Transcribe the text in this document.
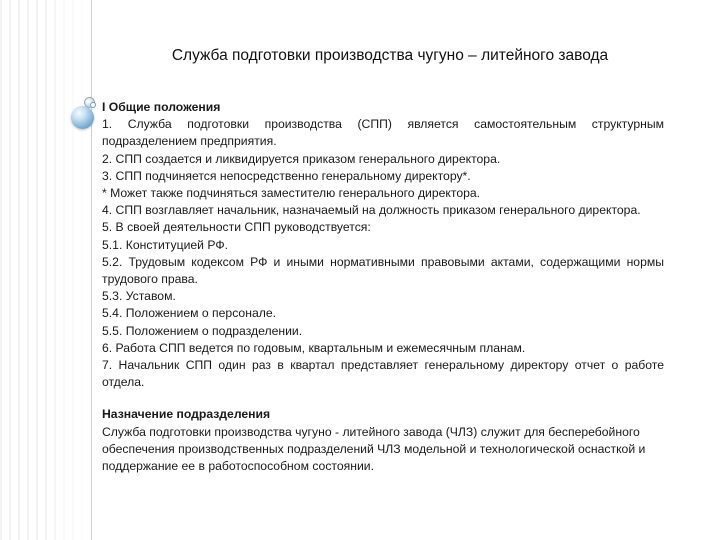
Служба подготовки производства чугуно – литейного завода

I Общие положения

1. Служба подготовки производства (СПП) является самостоятельным структурным подразделением предприятия.

2. СПП создается и ликвидируется приказом генерального директора.

3. СПП подчиняется непосредственно генеральному директору*.

* Может также подчиняться заместителю генерального директора.

4. СПП возглавляет начальник, назначаемый на должность приказом генерального директора.

5. В своей деятельности СПП руководствуется:

5.1. Конституцией РФ.

5.2. Трудовым кодексом РФ и иными нормативными правовыми актами, содержащими нормы трудового права.

5.3. Уставом.

5.4. Положением о персонале.

5.5. Положением о подразделении.

6. Работа СПП ведется по годовым, квартальным и ежемесячным планам.

7. Начальник СПП один раз в квартал представляет генеральному директору отчет о работе отдела.

Назначение подразделения

Служба подготовки производства чугуно - литейного завода (ЧЛЗ) служит для бесперебойного обеспечения производственных подразделений ЧЛЗ модельной и технологической оснасткой и поддержание ее в работоспособном состоянии.
